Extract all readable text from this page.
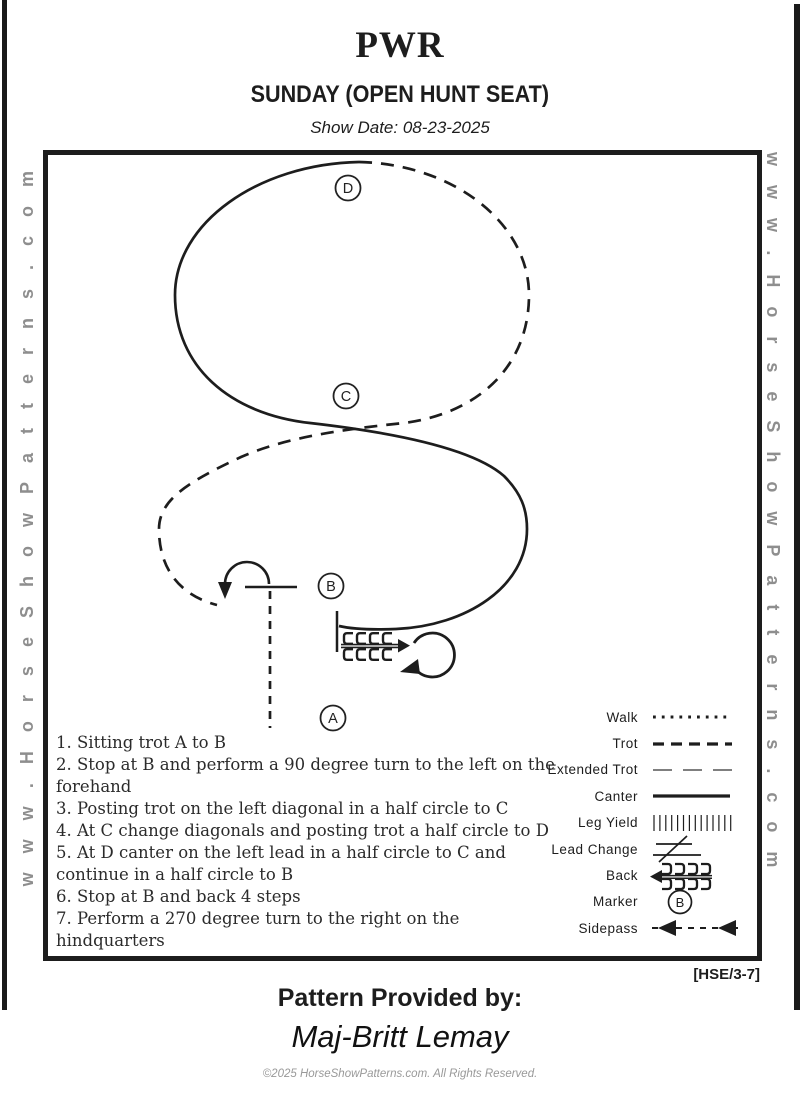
PWR
SUNDAY (OPEN HUNT SEAT)
Show Date: 08-23-2025
www.HorseShowPatterns.com	www.HorseShowPatterns.com
D
C
B
A
1. Sitting trot A to B
2. Stop at B and perform a 90 degree turn to the left on the forehand
3. Posting trot on the left diagonal in a half circle to C
4. At C change diagonals and posting trot a half circle to D
5. At D canter on the left lead in a half circle to C and continue in a half circle to B
6. Stop at B and back 4 steps
7. Perform a 270 degree turn to the right on the hindquarters
Walk
Trot
Extended Trot
Canter
Leg Yield
Lead Change
Back
Marker	B
Sidepass
[HSE/3-7]
Pattern Provided by:
Maj-Britt Lemay
©2025 HorseShowPatterns.com. All Rights Reserved.
